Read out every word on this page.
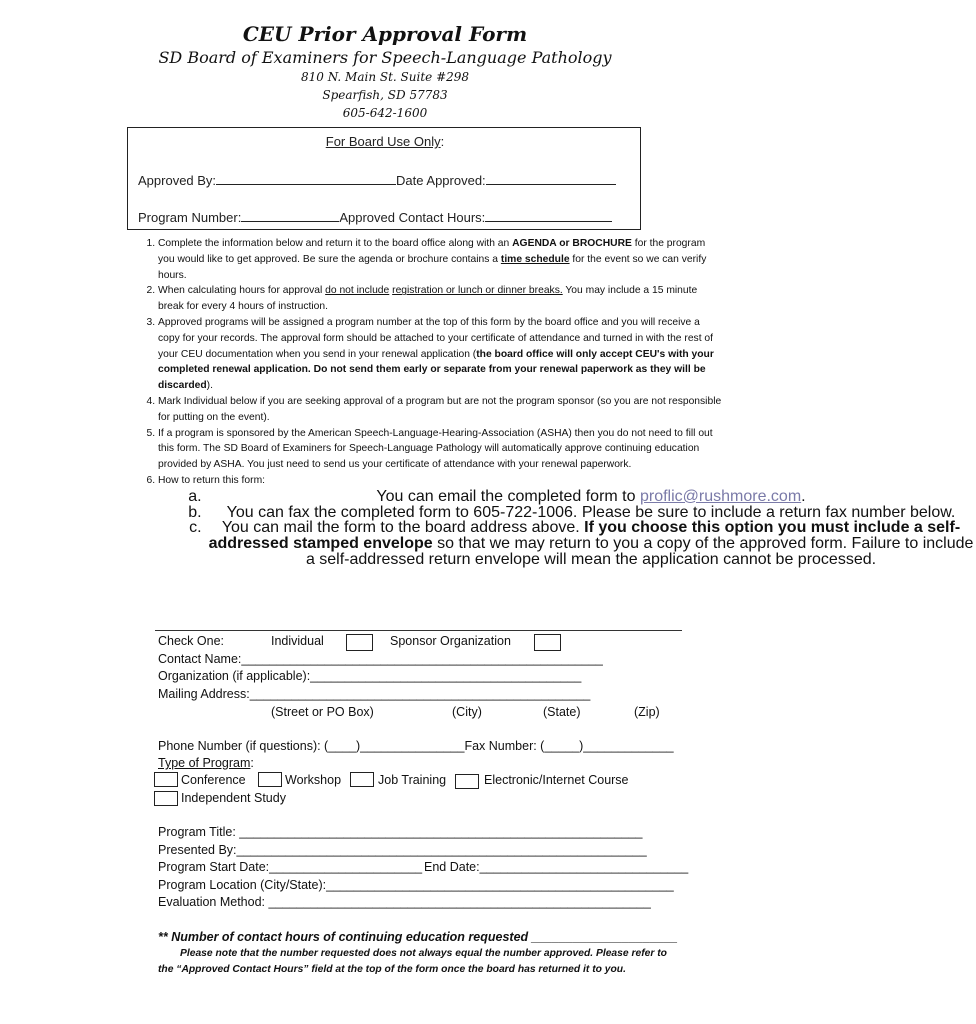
CEU Prior Approval Form
SD Board of Examiners for Speech-Language Pathology
810 N. Main St. Suite #298
Spearfish, SD 57783
605-642-1600
For Board Use Only:
Approved By:	Date Approved:
Program Number:	Approved Contact Hours:
1. Complete the information below and return it to the board office along with an AGENDA or BROCHURE for the program you would like to get approved. Be sure the agenda or brochure contains a time schedule for the event so we can verify hours.
2. When calculating hours for approval do not include registration or lunch or dinner breaks. You may include a 15 minute break for every 4 hours of instruction.
3. Approved programs will be assigned a program number at the top of this form by the board office and you will receive a copy for your records. The approval form should be attached to your certificate of attendance and turned in with the rest of your CEU documentation when you send in your renewal application (the board office will only accept CEU's with your completed renewal application. Do not send them early or separate from your renewal paperwork as they will be discarded).
4. Mark Individual below if you are seeking approval of a program but are not the program sponsor (so you are not responsible for putting on the event).
5. If a program is sponsored by the American Speech-Language-Hearing-Association (ASHA) then you do not need to fill out this form. The SD Board of Examiners for Speech-Language Pathology will automatically approve continuing education provided by ASHA. You just need to send us your certificate of attendance with your renewal paperwork.
6. How to return this form:
a. You can email the completed form to proflic@rushmore.com.
b. You can fax the completed form to 605-722-1006. Please be sure to include a return fax number below.
c. You can mail the form to the board address above. If you choose this option you must include a self-addressed stamped envelope so that we may return to you a copy of the approved form. Failure to include a self-addressed return envelope will mean the application cannot be processed.
Check One:	Individual	Sponsor Organization
Contact Name:____________________________________________________
Organization (if applicable):_______________________________________
Mailing Address:_________________________________________________
(Street or PO Box)	(City)	(State)	(Zip)
Phone Number (if questions): (____)_______________Fax Number: (_____)_____________
Type of Program:
Conference	Workshop	Job Training	Electronic/Internet Course
Independent Study
Program Title: __________________________________________________________
Presented By:___________________________________________________________
Program Start Date:______________________ End Date:______________________________
Program Location (City/State):__________________________________________________
Evaluation Method: _______________________________________________________
** Number of contact hours of continuing education requested _____________________
Please note that the number requested does not always equal the number approved. Please refer to the “Approved Contact Hours” field at the top of the form once the board has returned it to you.
